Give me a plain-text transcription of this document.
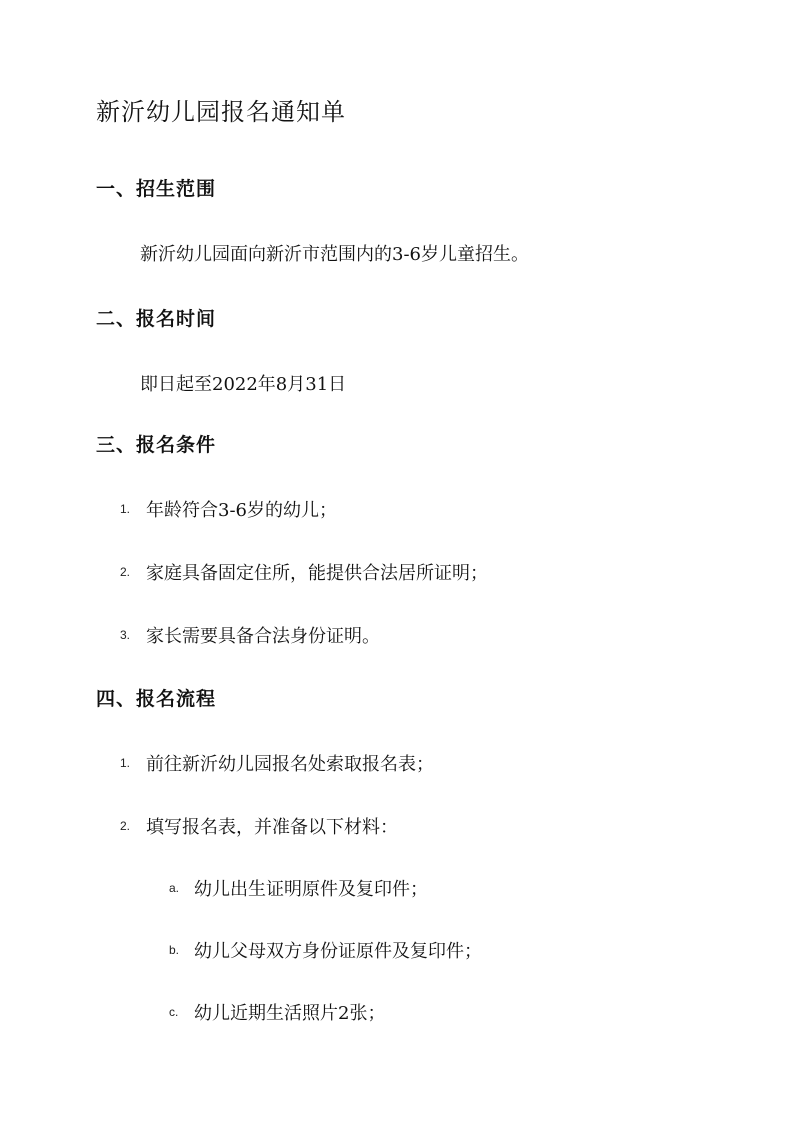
新沂幼儿园报名通知单
一、招生范围

新沂幼儿园面向新沂市范围内的3-6岁儿童招生。

二、报名时间

即日起至2022年8月31日

三、报名条件
1. 年龄符合3-6岁的幼儿；
2. 家庭具备固定住所，能提供合法居所证明；
3. 家长需要具备合法身份证明。
四、报名流程
1. 前往新沂幼儿园报名处索取报名表；
2. 填写报名表，并准备以下材料：
a. 幼儿出生证明原件及复印件；
b. 幼儿父母双方身份证原件及复印件；
c. 幼儿近期生活照片2张；
